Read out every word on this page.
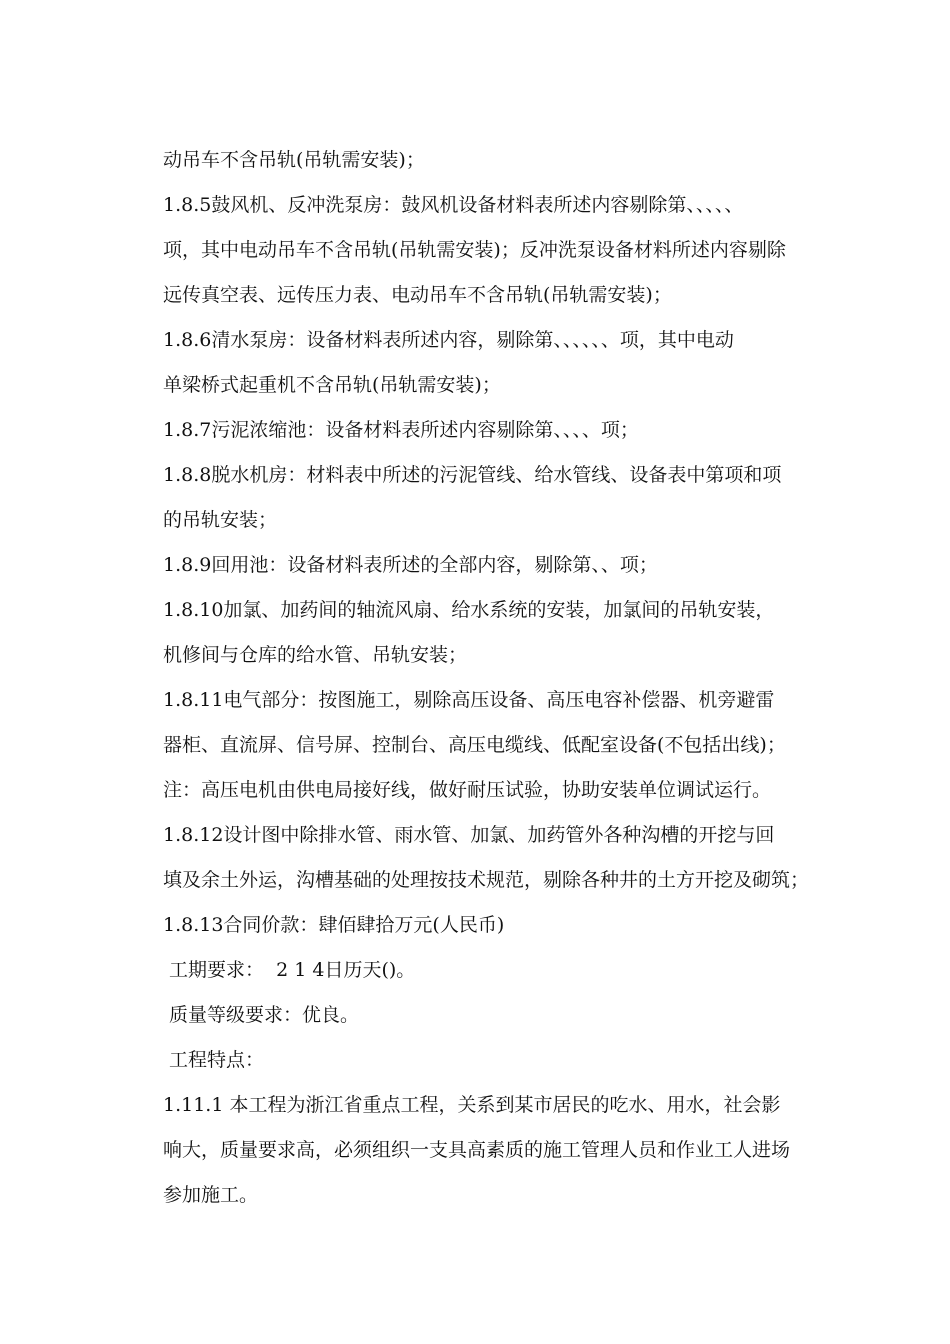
动吊车不含吊轨(吊轨需安装)；
1.8.5鼓风机、反冲洗泵房：鼓风机设备材料表所述内容剔除第、、、、、
项，其中电动吊车不含吊轨(吊轨需安装)；反冲洗泵设备材料所述内容剔除
远传真空表、远传压力表、电动吊车不含吊轨(吊轨需安装)；
1.8.6清水泵房：设备材料表所述内容，剔除第、、、、、、项，其中电动
单梁桥式起重机不含吊轨(吊轨需安装)；
1.8.7污泥浓缩池：设备材料表所述内容剔除第、、、、项；
1.8.8脱水机房：材料表中所述的污泥管线、给水管线、设备表中第项和项
的吊轨安装；
1.8.9回用池：设备材料表所述的全部内容，剔除第、、项；
1.8.10加氯、加药间的轴流风扇、给水系统的安装，加氯间的吊轨安装，
机修间与仓库的给水管、吊轨安装；
1.8.11电气部分：按图施工，剔除高压设备、高压电容补偿器、机旁避雷
器柜、直流屏、信号屏、控制台、高压电缆线、低配室设备(不包括出线)；
注：高压电机由供电局接好线，做好耐压试验，协助安装单位调试运行。
1.8.12设计图中除排水管、雨水管、加氯、加药管外各种沟槽的开挖与回
填及余土外运，沟槽基础的处理按技术规范，剔除各种井的土方开挖及砌筑；
1.8.13合同价款：肆佰肆拾万元(人民币)
工期要求：  2 1 4日历天()。
质量等级要求：优良。
工程特点：
1.11.1 本工程为浙江省重点工程，关系到某市居民的吃水、用水，社会影
响大，质量要求高，必须组织一支具高素质的施工管理人员和作业工人进场
参加施工。
